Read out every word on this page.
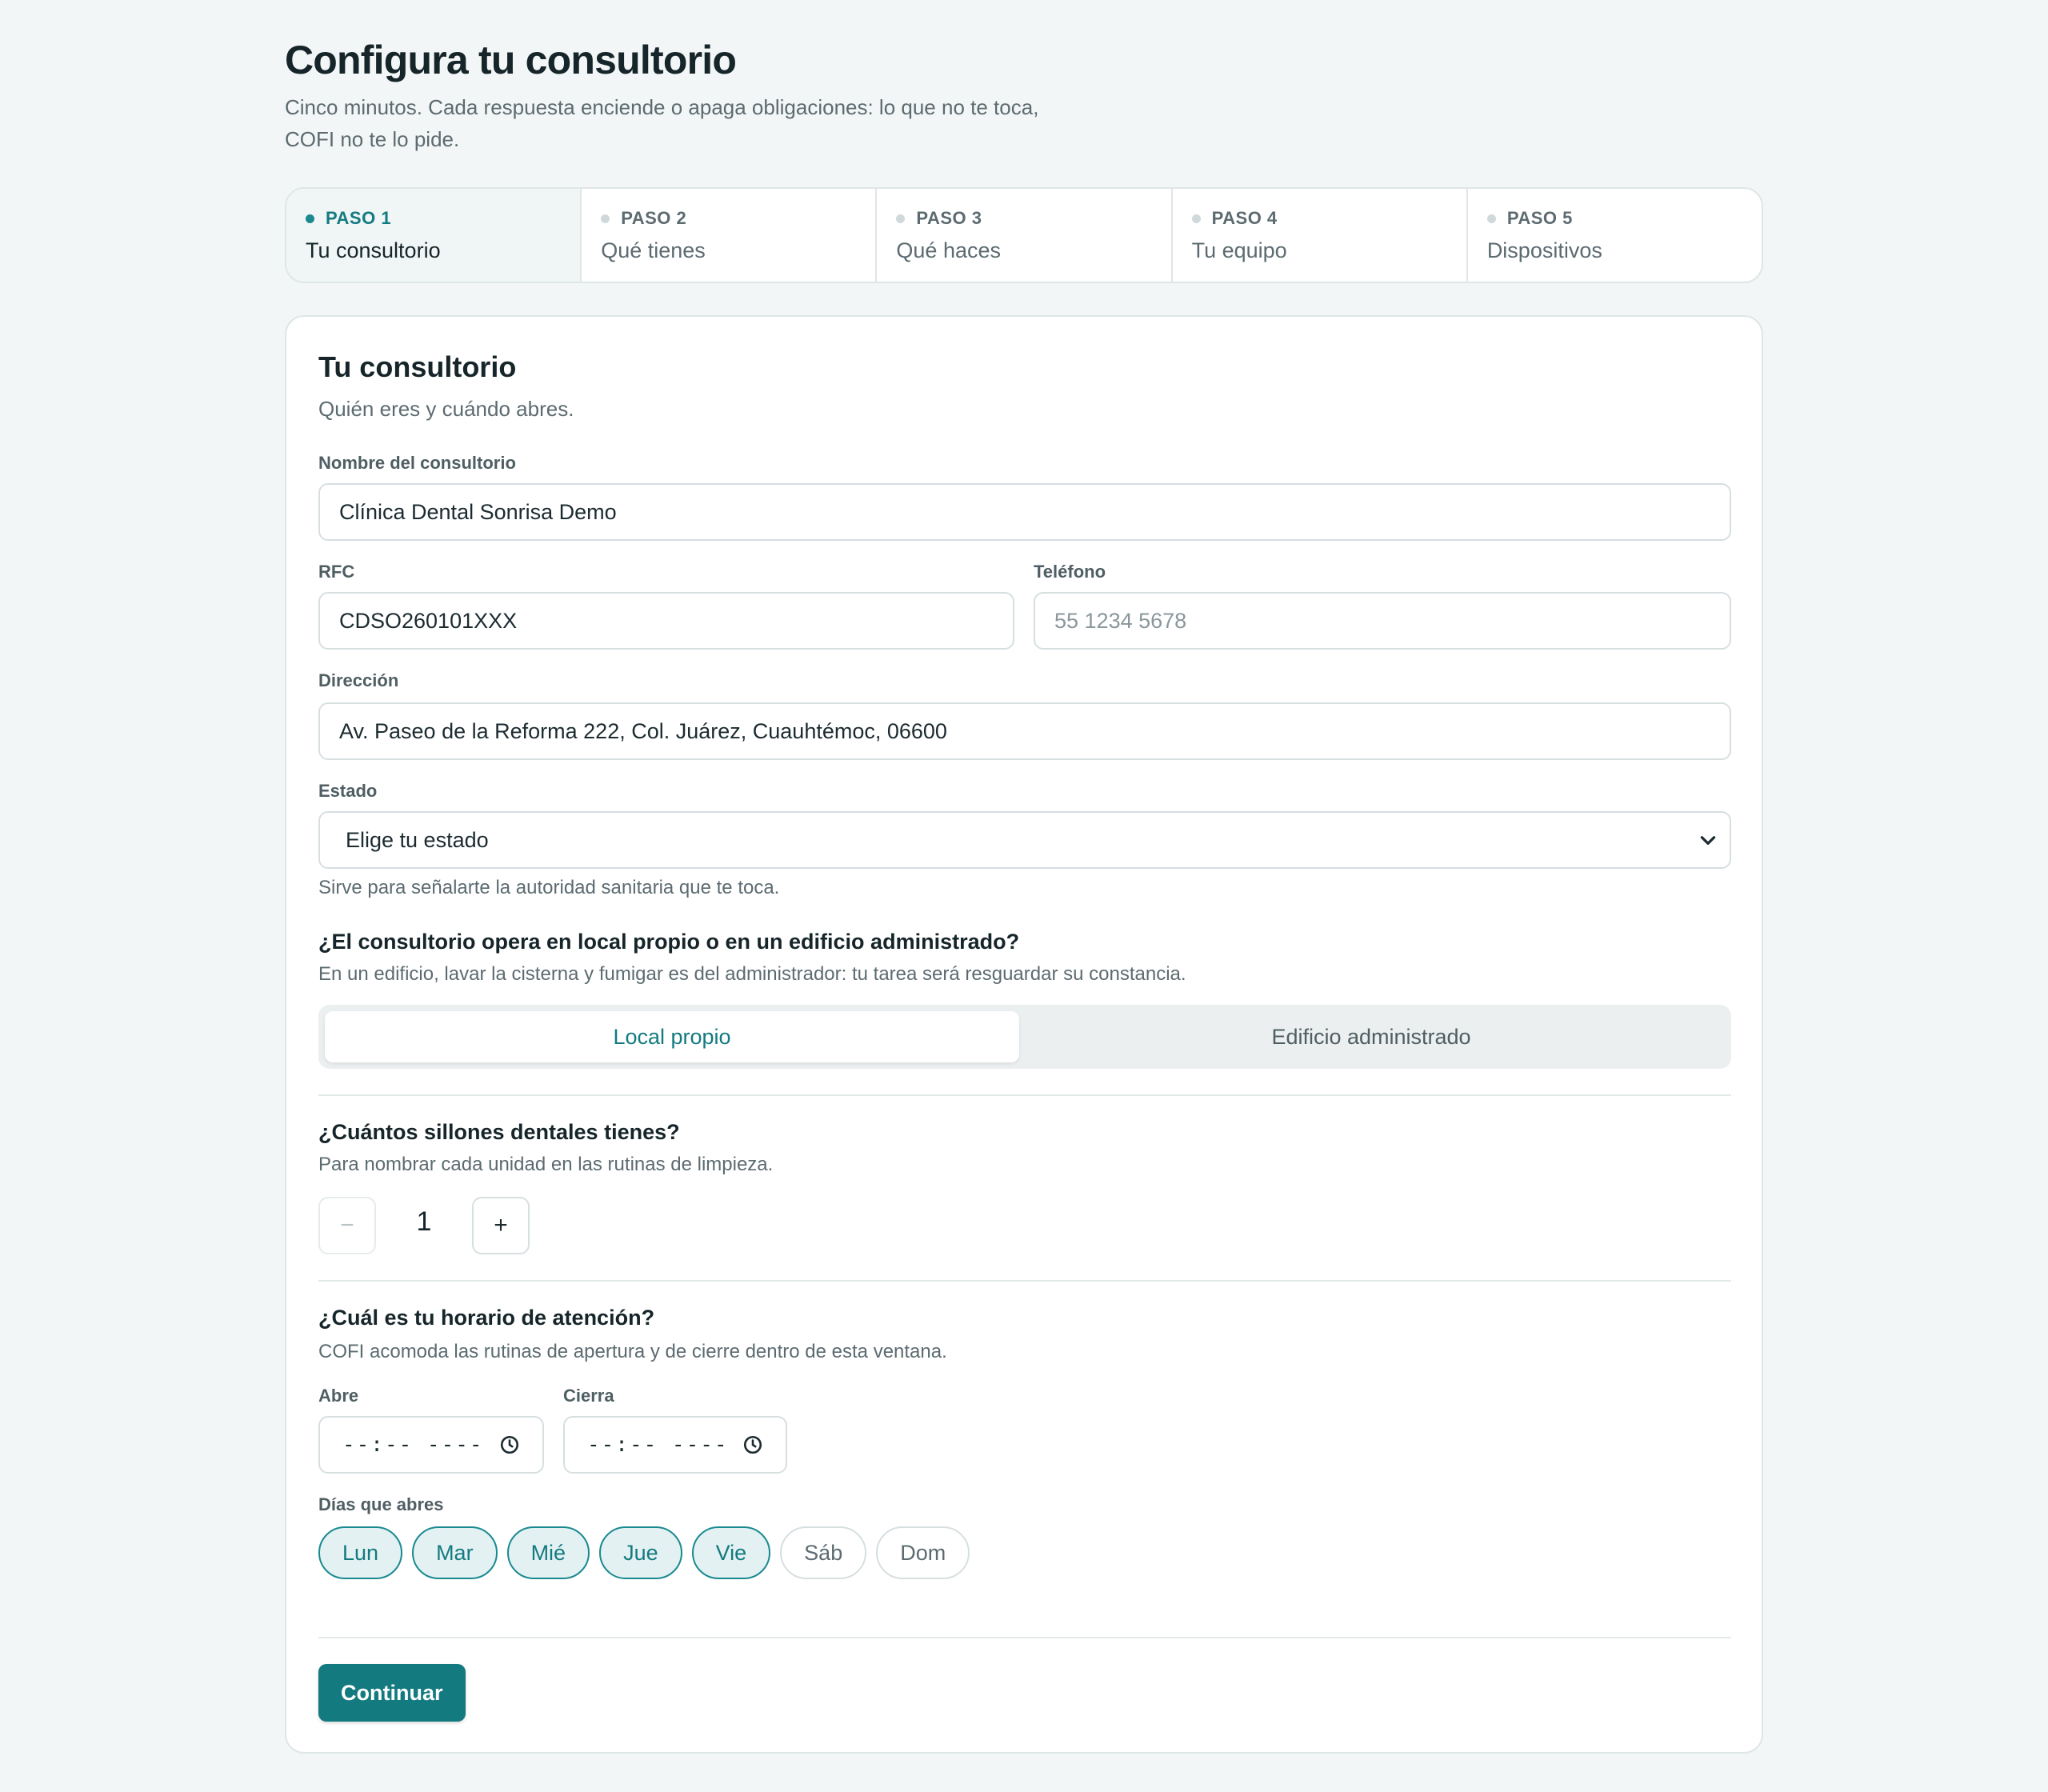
Configura tu consultorio

Cinco minutos. Cada respuesta enciende o apaga obligaciones: lo que no te toca, COFI no te lo pide.

PASO 1
Tu consultorio
PASO 2
Qué tienes
PASO 3
Qué haces
PASO 4
Tu equipo
PASO 5
Dispositivos
Tu consultorio

Quién eres y cuándo abres.

Nombre del consultorio
Clínica Dental Sonrisa Demo
RFC
CDSO260101XXX
Teléfono
55 1234 5678
Dirección
Av. Paseo de la Reforma 222, Col. Juárez, Cuauhtémoc, 06600
Estado
Elige tu estado
Sirve para señalarte la autoridad sanitaria que te toca.
¿El consultorio opera en local propio o en un edificio administrado?
En un edificio, lavar la cisterna y fumigar es del administrador: tu tarea será resguardar su constancia.
Local propio	Edificio administrado
¿Cuántos sillones dentales tienes?
Para nombrar cada unidad en las rutinas de limpieza.
−	1	+
¿Cuál es tu horario de atención?
COFI acomoda las rutinas de apertura y de cierre dentro de esta ventana.
Abre
--:-- ----
Cierra
--:-- ----
Días que abres
Lun	Mar	Mié	Jue	Vie	Sáb	Dom
Continuar
